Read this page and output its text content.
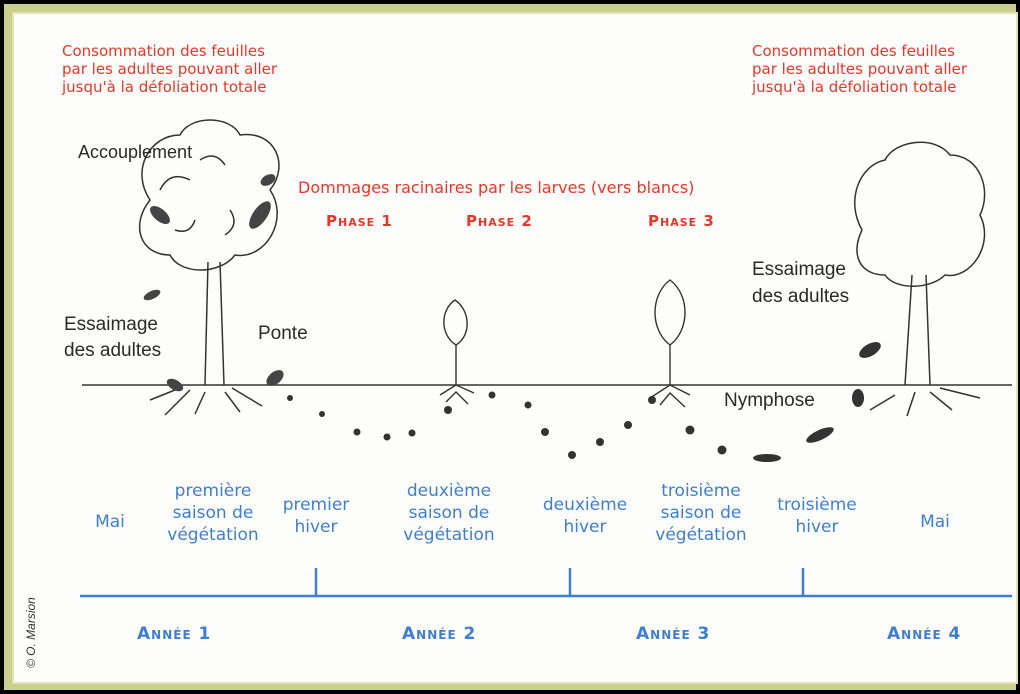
Consommation des feuilles
par les adultes pouvant aller
jusqu'à la défoliation totale
Consommation des feuilles
par les adultes pouvant aller
jusqu'à la défoliation totale
Dommages racinaires par les larves (vers blancs)
Phase 1	Phase 2	Phase 3
Accouplement
Essaimage
des adultes
Ponte
Essaimage
des adultes
Nymphose
Mai
première
saison de
végétation
premier
hiver
deuxième
saison de
végétation
deuxième
hiver
troisième
saison de
végétation
troisième
hiver	Mai
Année 1	Année 2	Année 3	Année 4
© O. Marsion
